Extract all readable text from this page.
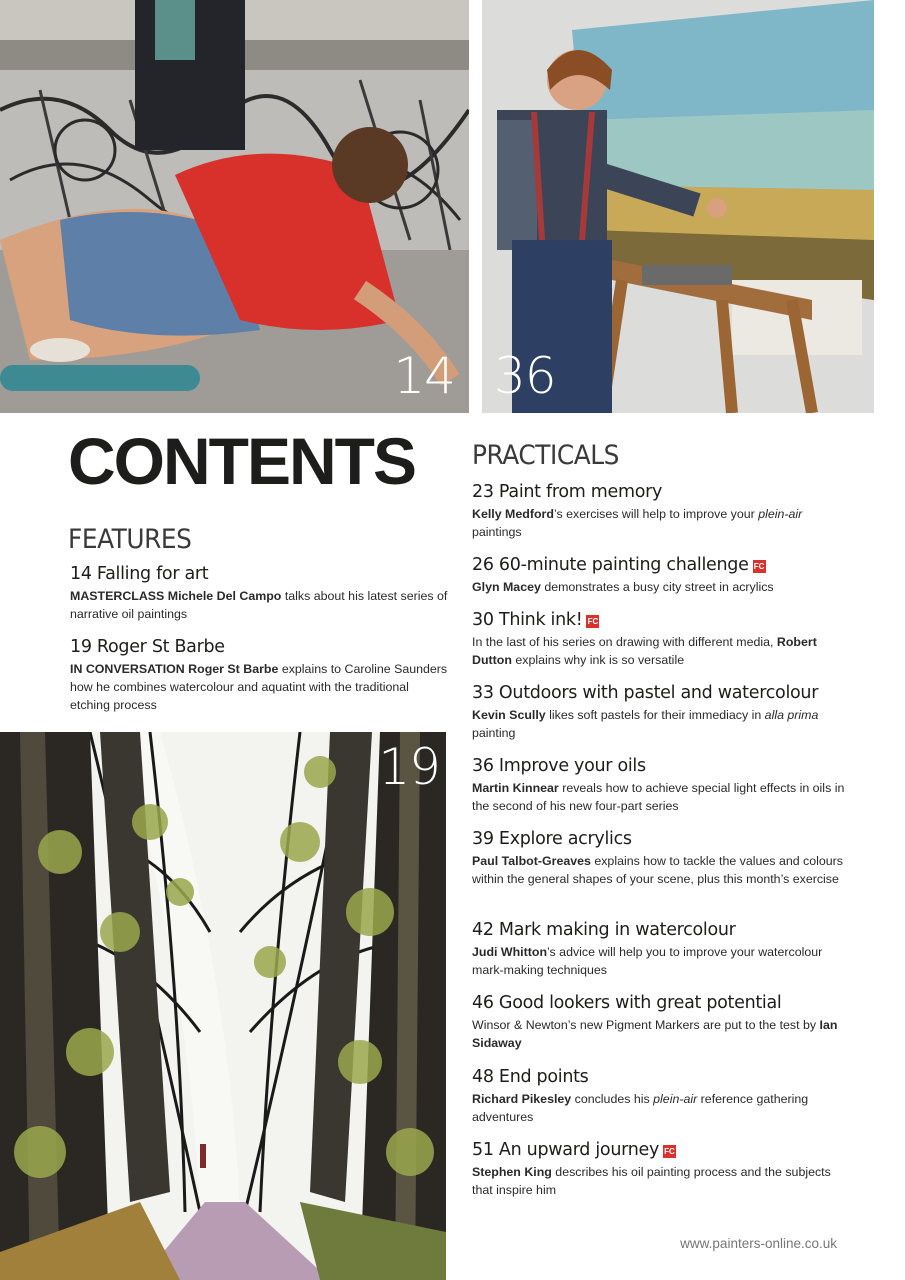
14 36
19
CONTENTS
FEATURES

14 Falling for art

MASTERCLASS Michele Del Campo talks about his latest series of narrative oil paintings

19 Roger St Barbe

IN CONVERSATION Roger St Barbe explains to Caroline Saunders how he combines watercolour and aquatint with the traditional etching process

PRACTICALS

23 Paint from memory

Kelly Medford’s exercises will help to improve your plein-air paintings

26 60-minute painting challenge FC

Glyn Macey demonstrates a busy city street in acrylics

30 Think ink! FC

In the last of his series on drawing with different media, Robert Dutton explains why ink is so versatile

33 Outdoors with pastel and watercolour

Kevin Scully likes soft pastels for their immediacy in alla prima painting

36 Improve your oils

Martin Kinnear reveals how to achieve special light effects in oils in the second of his new four-part series

39 Explore acrylics

Paul Talbot-Greaves explains how to tackle the values and colours within the general shapes of your scene, plus this month’s exercise

42 Mark making in watercolour

Judi Whitton’s advice will help you to improve your watercolour mark-making techniques

46 Good lookers with great potential

Winsor & Newton’s new Pigment Markers are put to the test by Ian Sidaway

48 End points

Richard Pikesley concludes his plein-air reference gathering adventures

51 An upward journey FC

Stephen King describes his oil painting process and the subjects that inspire him

www.painters-online.co.uk
